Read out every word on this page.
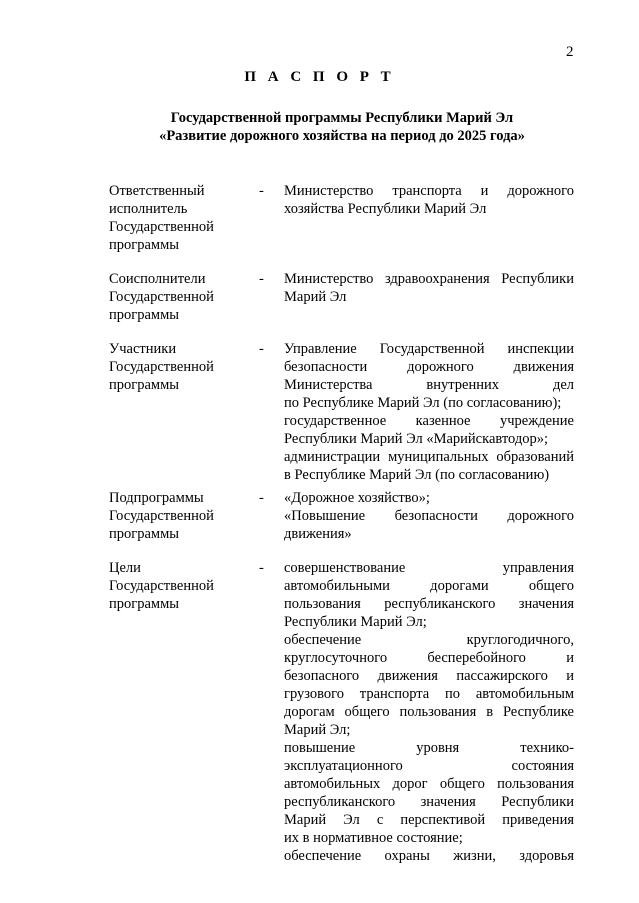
2
П А С П О Р Т
Государственной программы Республики Марий Эл
«Развитие дорожного хозяйства на период до 2025 года»
Ответственный
исполнитель
Государственной
программы
- Министерство транспорта и дорожного
хозяйства Республики Марий Эл
Соисполнители
Государственной
программы
- Министерство здравоохранения Республики
Марий Эл
Участники
Государственной
программы
- Управление Государственной инспекции
безопасности дорожного движения
Министерства внутренних дел
по Республике Марий Эл (по согласованию);
государственное казенное учреждение
Республики Марий Эл «Марийскавтодор»;
администрации муниципальных образований
в Республике Марий Эл (по согласованию)
Подпрограммы
Государственной
программы
- «Дорожное хозяйство»;
«Повышение безопасности дорожного
движения»
Цели
Государственной
программы
- совершенствование управления
автомобильными дорогами общего
пользования республиканского значения
Республики Марий Эл;
обеспечение круглогодичного,
круглосуточного бесперебойного и
безопасного движения пассажирского и
грузового транспорта по автомобильным
дорогам общего пользования в Республике
Марий Эл;
повышение уровня технико-
эксплуатационного состояния
автомобильных дорог общего пользования
республиканского значения Республики
Марий Эл с перспективой приведения
их в нормативное состояние;
обеспечение охраны жизни, здоровья
